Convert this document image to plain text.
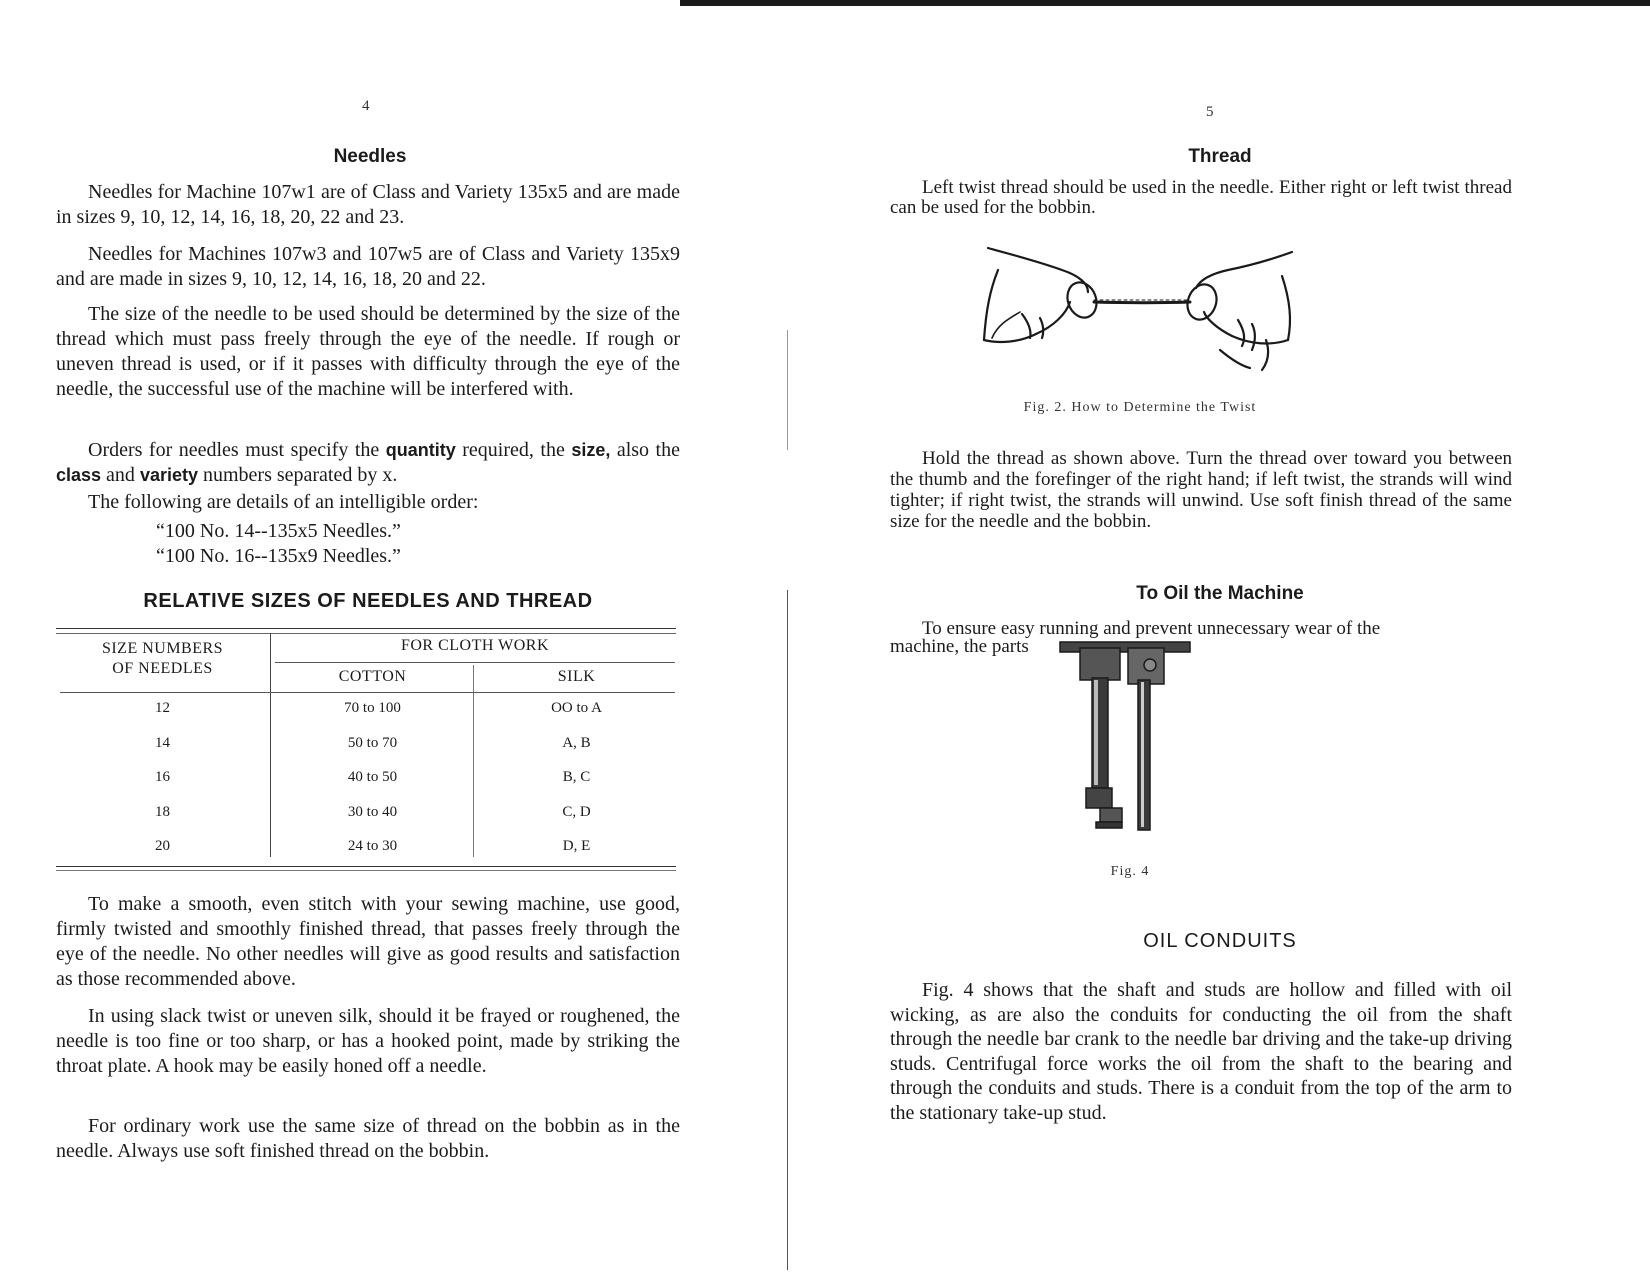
4
Needles

Needles for Machine 107w1 are of Class and Variety 135x5 and are made in sizes 9, 10, 12, 14, 16, 18, 20, 22 and 23.

Needles for Machines 107w3 and 107w5 are of Class and Variety 135x9 and are made in sizes 9, 10, 12, 14, 16, 18, 20 and 22.

The size of the needle to be used should be determined by the size of the thread which must pass freely through the eye of the needle. If rough or uneven thread is used, or if it passes with difficulty through the eye of the needle, the successful use of the machine will be interfered with.

Orders for needles must specify the quantity required, the size, also the class and variety numbers separated by x.

The following are details of an intelligible order:

“100 No. 14--135x5 Needles.”
“100 No. 16--135x9 Needles.”
RELATIVE SIZES OF NEEDLES AND THREAD
SIZE NUMBERS
OF NEEDLES
FOR CLOTH WORK
COTTON	SILK
12	70 to 100	OO to A
14	50 to 70	A, B
16	40 to 50	B, C
18	30 to 40	C, D
20	24 to 30	D, E

To make a smooth, even stitch with your sewing machine, use good, firmly twisted and smoothly finished thread, that passes freely through the eye of the needle. No other needles will give as good results and satisfaction as those recommended above.

In using slack twist or uneven silk, should it be frayed or roughened, the needle is too fine or too sharp, or has a hooked point, made by striking the throat plate. A hook may be easily honed off a needle.

For ordinary work use the same size of thread on the bobbin as in the needle. Always use soft finished thread on the bobbin.

5
Thread

Left twist thread should be used in the needle. Either right or left twist thread can be used for the bobbin.

Fig. 2. How to Determine the Twist

Hold the thread as shown above. Turn the thread over toward you between the thumb and the forefinger of the right hand; if left twist, the strands will wind tighter; if right twist, the strands will unwind. Use soft finish thread of the same size for the needle and the bobbin.

To Oil the Machine
To ensure easy running and prevent unnecessary wear of the
machine, the parts
Fig. 4
OIL CONDUITS

Fig. 4 shows that the shaft and studs are hollow and filled with oil wicking, as are also the conduits for conducting the oil from the shaft through the needle bar crank to the needle bar driving and the take-up driving studs. Centrifugal force works the oil from the shaft to the bearing and through the conduits and studs. There is a conduit from the top of the arm to the stationary take-up stud.
